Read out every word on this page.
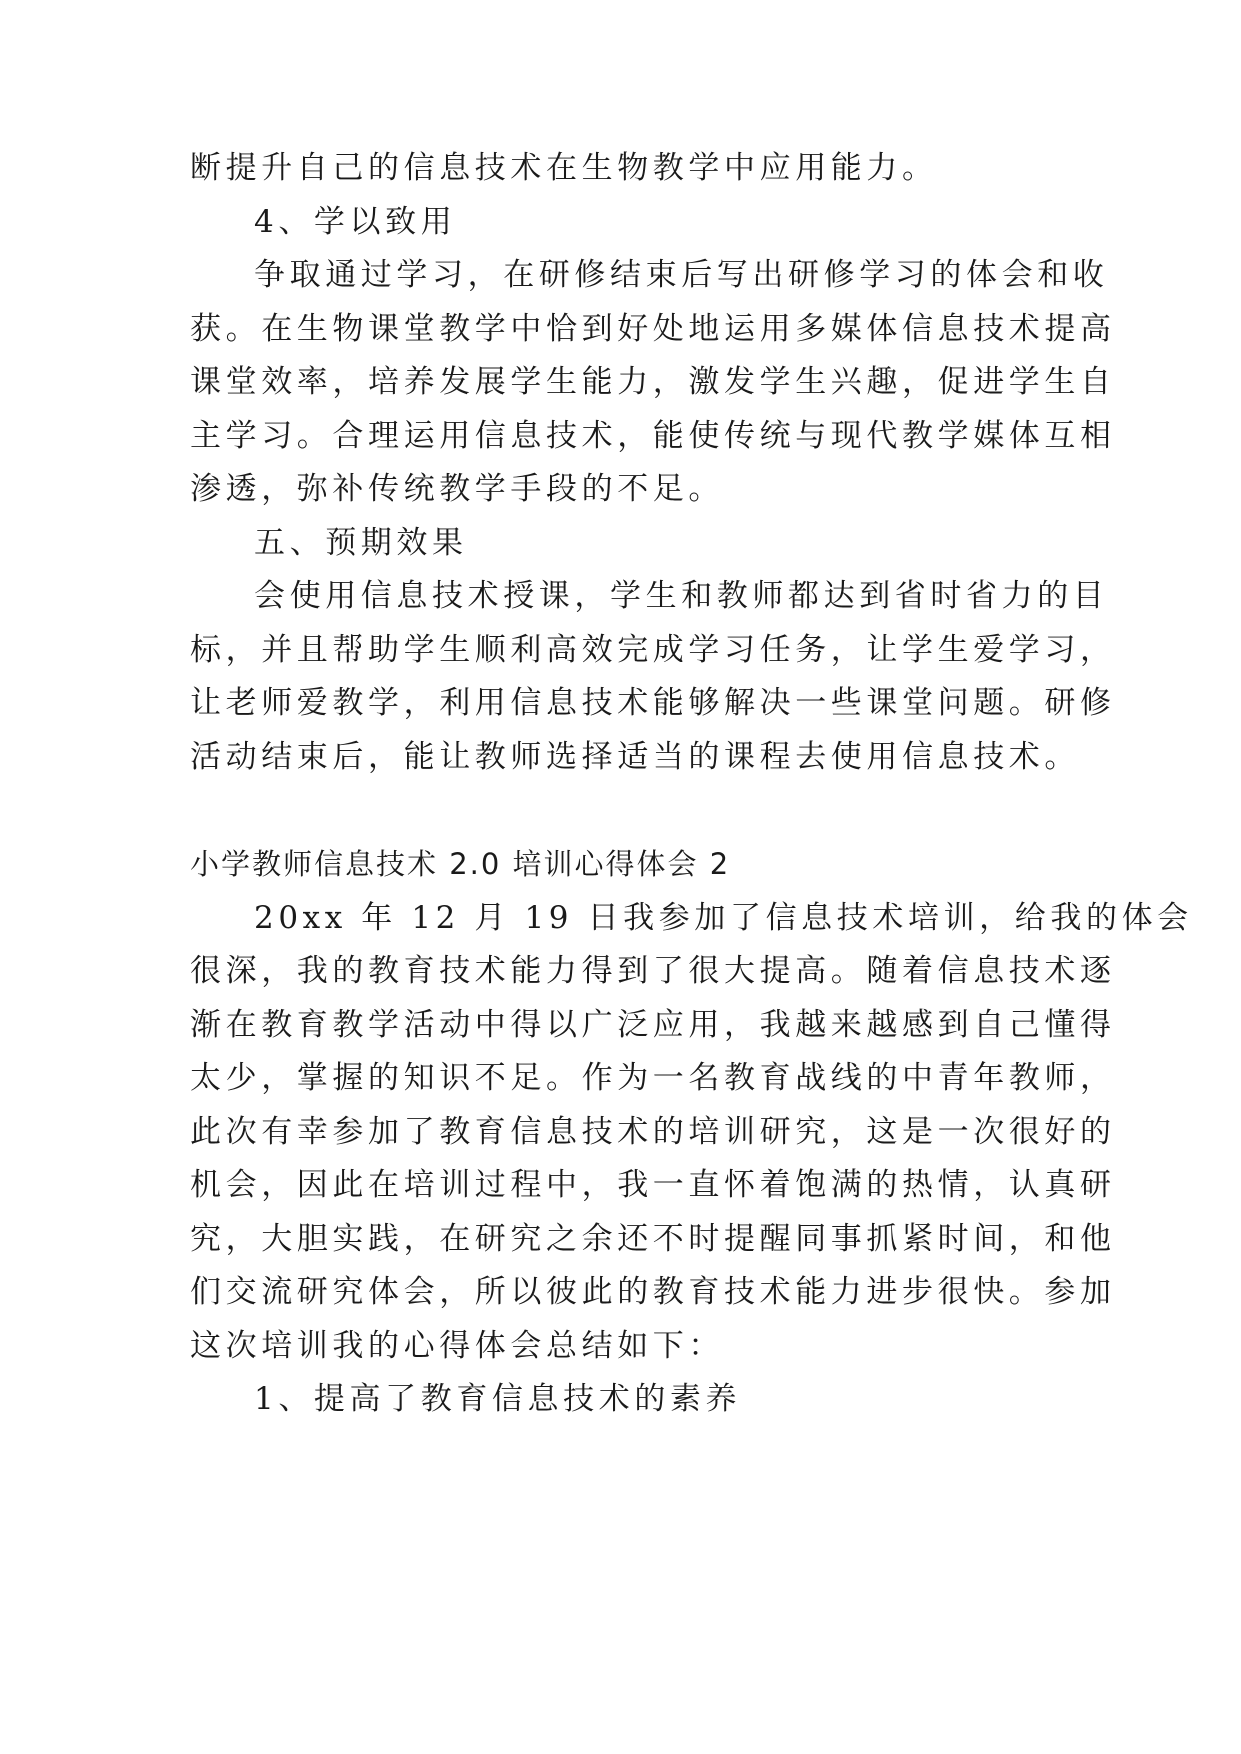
断提升自己的信息技术在生物教学中应用能力。
4、学以致用
争取通过学习，在研修结束后写出研修学习的体会和收
获。在生物课堂教学中恰到好处地运用多媒体信息技术提高
课堂效率，培养发展学生能力，激发学生兴趣，促进学生自
主学习。合理运用信息技术，能使传统与现代教学媒体互相
渗透，弥补传统教学手段的不足。
五、预期效果
会使用信息技术授课，学生和教师都达到省时省力的目
标，并且帮助学生顺利高效完成学习任务，让学生爱学习，
让老师爱教学，利用信息技术能够解决一些课堂问题。研修
活动结束后，能让教师选择适当的课程去使用信息技术。
小学教师信息技术 2.0 培训心得体会 2
20xx 年 12 月 19 日我参加了信息技术培训，给我的体会
很深，我的教育技术能力得到了很大提高。随着信息技术逐
渐在教育教学活动中得以广泛应用，我越来越感到自己懂得
太少，掌握的知识不足。作为一名教育战线的中青年教师，
此次有幸参加了教育信息技术的培训研究，这是一次很好的
机会，因此在培训过程中，我一直怀着饱满的热情，认真研
究，大胆实践，在研究之余还不时提醒同事抓紧时间，和他
们交流研究体会，所以彼此的教育技术能力进步很快。参加
这次培训我的心得体会总结如下：
1、提高了教育信息技术的素养
